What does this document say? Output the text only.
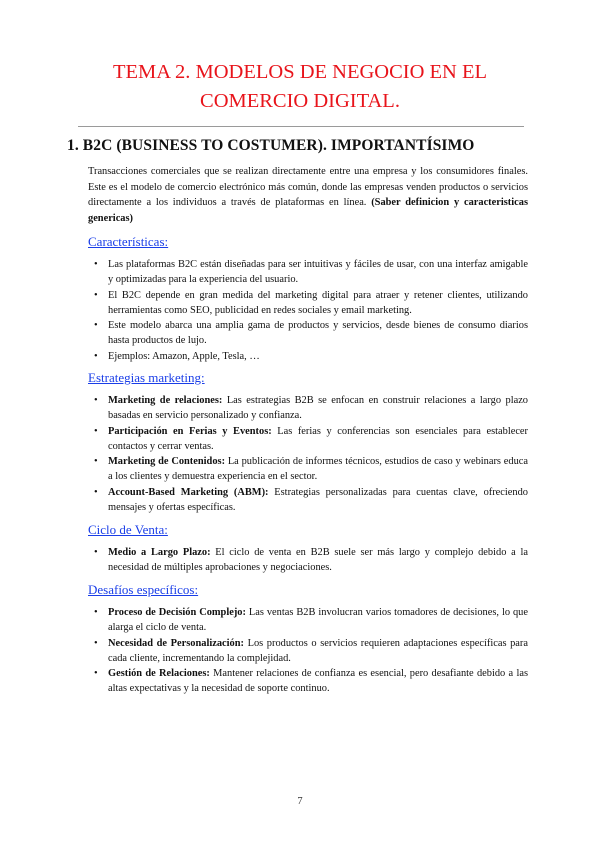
TEMA 2. MODELOS DE NEGOCIO EN EL COMERCIO DIGITAL.
1. B2C (BUSINESS TO COSTUMER). IMPORTANTÍSIMO
Transacciones comerciales que se realizan directamente entre una empresa y los consumidores finales. Este es el modelo de comercio electrónico más común, donde las empresas venden productos o servicios directamente a los individuos a través de plataformas en línea. (Saber definicion y caracteristicas genericas)
Características:
• Las plataformas B2C están diseñadas para ser intuitivas y fáciles de usar, con una interfaz amigable y optimizadas para la experiencia del usuario.
• El B2C depende en gran medida del marketing digital para atraer y retener clientes, utilizando herramientas como SEO, publicidad en redes sociales y email marketing.
• Este modelo abarca una amplia gama de productos y servicios, desde bienes de consumo diarios hasta productos de lujo.
• Ejemplos: Amazon, Apple, Tesla, …
Estrategias marketing:
• Marketing de relaciones: Las estrategias B2B se enfocan en construir relaciones a largo plazo basadas en servicio personalizado y confianza.
• Participación en Ferias y Eventos: Las ferias y conferencias son esenciales para establecer contactos y cerrar ventas.
• Marketing de Contenidos: La publicación de informes técnicos, estudios de caso y webinars educa a los clientes y demuestra experiencia en el sector.
• Account-Based Marketing (ABM): Estrategias personalizadas para cuentas clave, ofreciendo mensajes y ofertas específicas.
Ciclo de Venta:
• Medio a Largo Plazo: El ciclo de venta en B2B suele ser más largo y complejo debido a la necesidad de múltiples aprobaciones y negociaciones.
Desafíos específicos:
• Proceso de Decisión Complejo: Las ventas B2B involucran varios tomadores de decisiones, lo que alarga el ciclo de venta.
• Necesidad de Personalización: Los productos o servicios requieren adaptaciones específicas para cada cliente, incrementando la complejidad.
• Gestión de Relaciones: Mantener relaciones de confianza es esencial, pero desafiante debido a las altas expectativas y la necesidad de soporte continuo.
7
